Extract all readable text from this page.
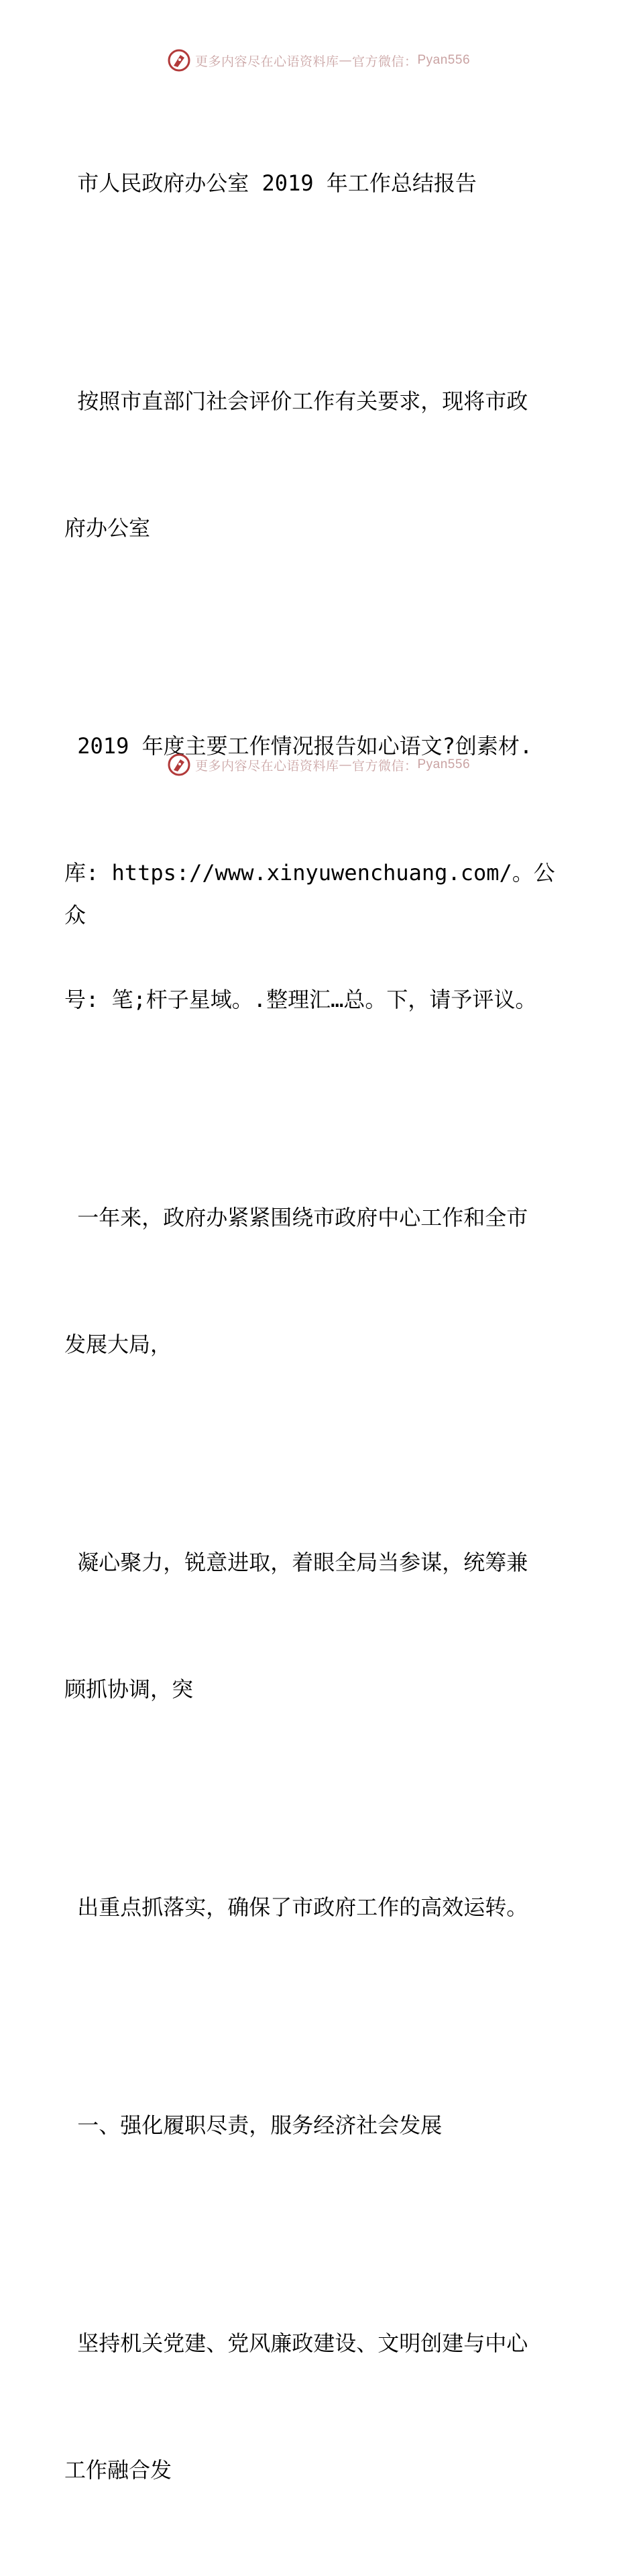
更多内容尽在心语资料库 — 官方微信： Pyan556

市人民政府办公室 2019 年工作总结报告

按照市直部门社会评价工作有关要求，现将市政

府办公室

2019 年度主要工作情况报告如心语文?创素材.

库: https://www.xinyuwenchuang.com/。公众

号: 笔;杆子星域。.整理汇…总。下，请予评议。

一年来，政府办紧紧围绕市政府中心工作和全市

发展大局，

凝心聚力，锐意进取，着眼全局当参谋，统筹兼

顾抓协调，突

出重点抓落实，确保了市政府工作的高效运转。

一、强化履职尽责，服务经济社会发展

坚持机关党建、党风廉政建设、文明创建与中心

工作融合发

更多内容尽在心语资料库 — 官方微信： Pyan556
